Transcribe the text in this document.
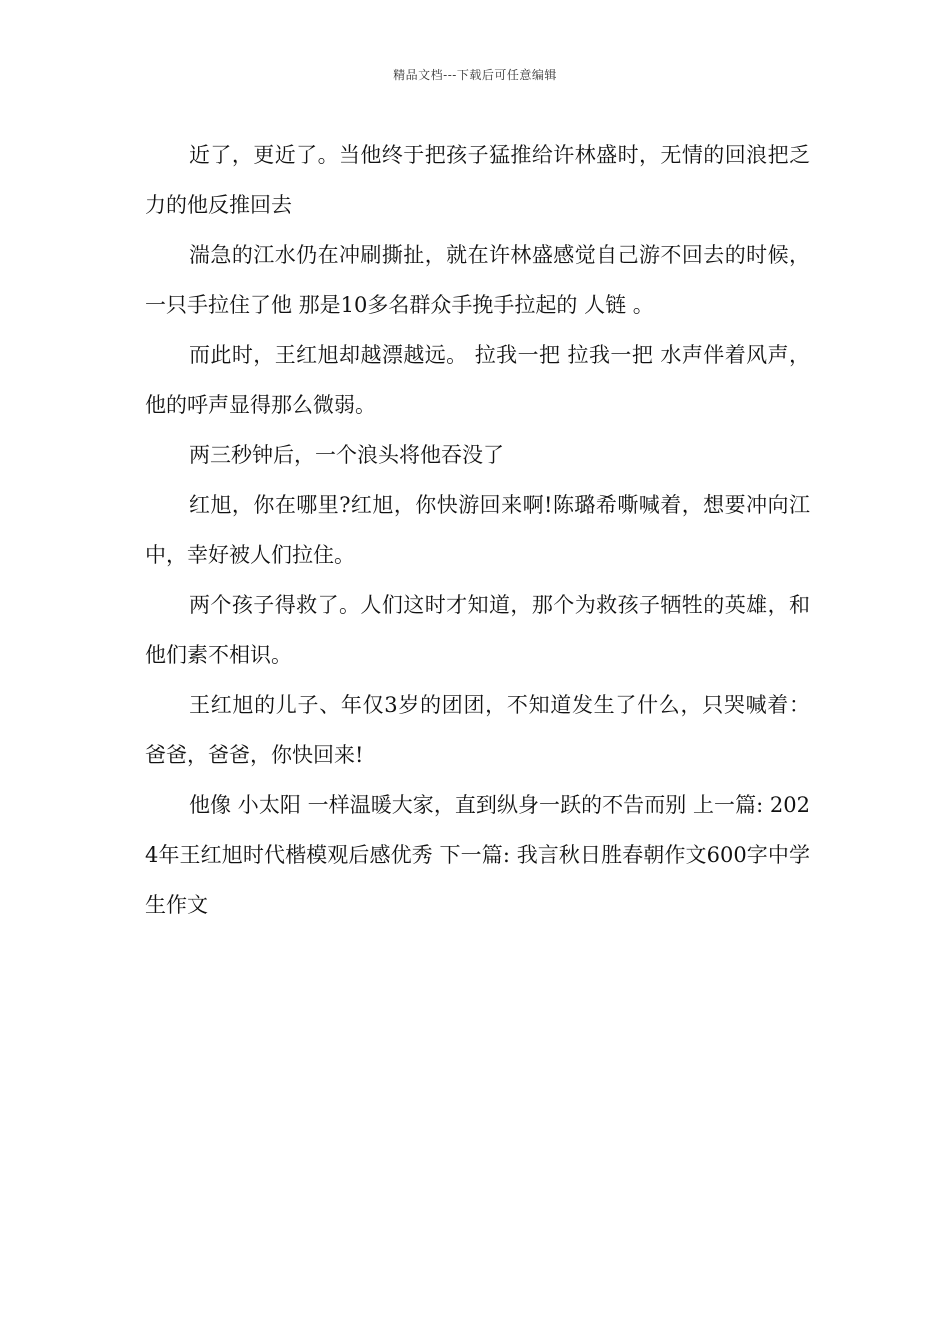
精品文档---下载后可任意编辑

近了，更近了。当他终于把孩子猛推给许林盛时，无情的回浪把乏力的他反推回去

湍急的江水仍在冲刷撕扯，就在许林盛感觉自己游不回去的时候，一只手拉住了他 那是10多名群众手挽手拉起的 人链 。

而此时，王红旭却越漂越远。 拉我一把 拉我一把 水声伴着风声，他的呼声显得那么微弱。

两三秒钟后，一个浪头将他吞没了

红旭，你在哪里?红旭，你快游回来啊!陈璐希嘶喊着，想要冲向江中，幸好被人们拉住。

两个孩子得救了。人们这时才知道，那个为救孩子牺牲的英雄，和他们素不相识。

王红旭的儿子、年仅3岁的团团，不知道发生了什么，只哭喊着： 爸爸，爸爸，你快回来!

他像 小太阳 一样温暖大家，直到纵身一跃的不告而别 上一篇: 2024年王红旭时代楷模观后感优秀 下一篇: 我言秋日胜春朝作文600字中学生作文
